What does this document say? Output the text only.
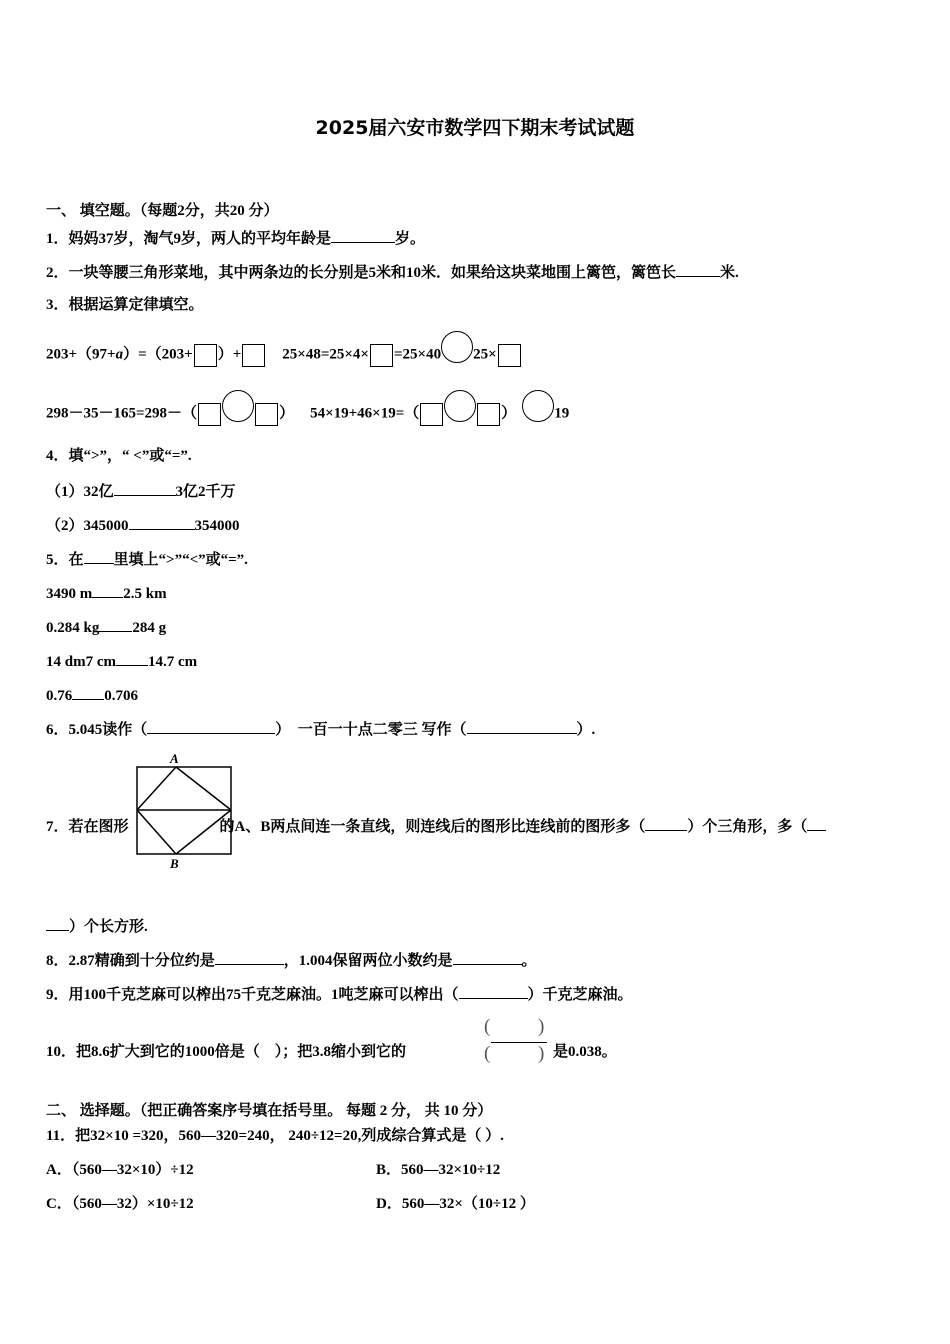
2025届六安市数学四下期末考试试题
一、 填空题。（每题2分，共20 分）
1．妈妈37岁，淘气9岁，两人的平均年龄是	岁。
2．一块等腰三角形菜地，其中两条边的长分别是5米和10米．如果给这块菜地围上篱笆，篱笆长	米.
3．根据运算定律填空。
203+（97+a）=（203+ ）+	25×48=25×4× =25×40 25×
298－35－165=298－（	） 54×19+46×19=（	）	19
4．填“>”，“ <”或“=”.
（1）32亿	3亿2千万
（2）345000	354000
5．在 里填上“>”“<”或“=”.
3490 m 2.5 km
0.284 kg 284 g
14 dm7 cm 14.7 cm
0.76 0.706
6．5.045读作（	）　一百一十点二零三 写作（	）.
A
B
7．若在图形	的A、B两点间连一条直线，则连线后的图形比连线前的图形多（	）个三角形，多（
）个长方形.
8．2.87精确到十分位约是	，1.004保留两位小数约是	。
9．用100千克芝麻可以榨出75千克芝麻油。1吨芝麻可以榨出（	）千克芝麻油。
10．把8.6扩大到它的1000倍是（　）；把3.8缩小到它的
(	)
(	) 是0.038。
二、 选择题。（把正确答案序号填在括号里。 每题 2 分， 共 10 分）
11．把32×10 =320，560—320=240， 240÷12=20,列成综合算式是（ ）.
A．（560—32×10）÷12	B．560—32×10÷12
C．（560—32）×10÷12	D．560—32×（10÷12 ）
